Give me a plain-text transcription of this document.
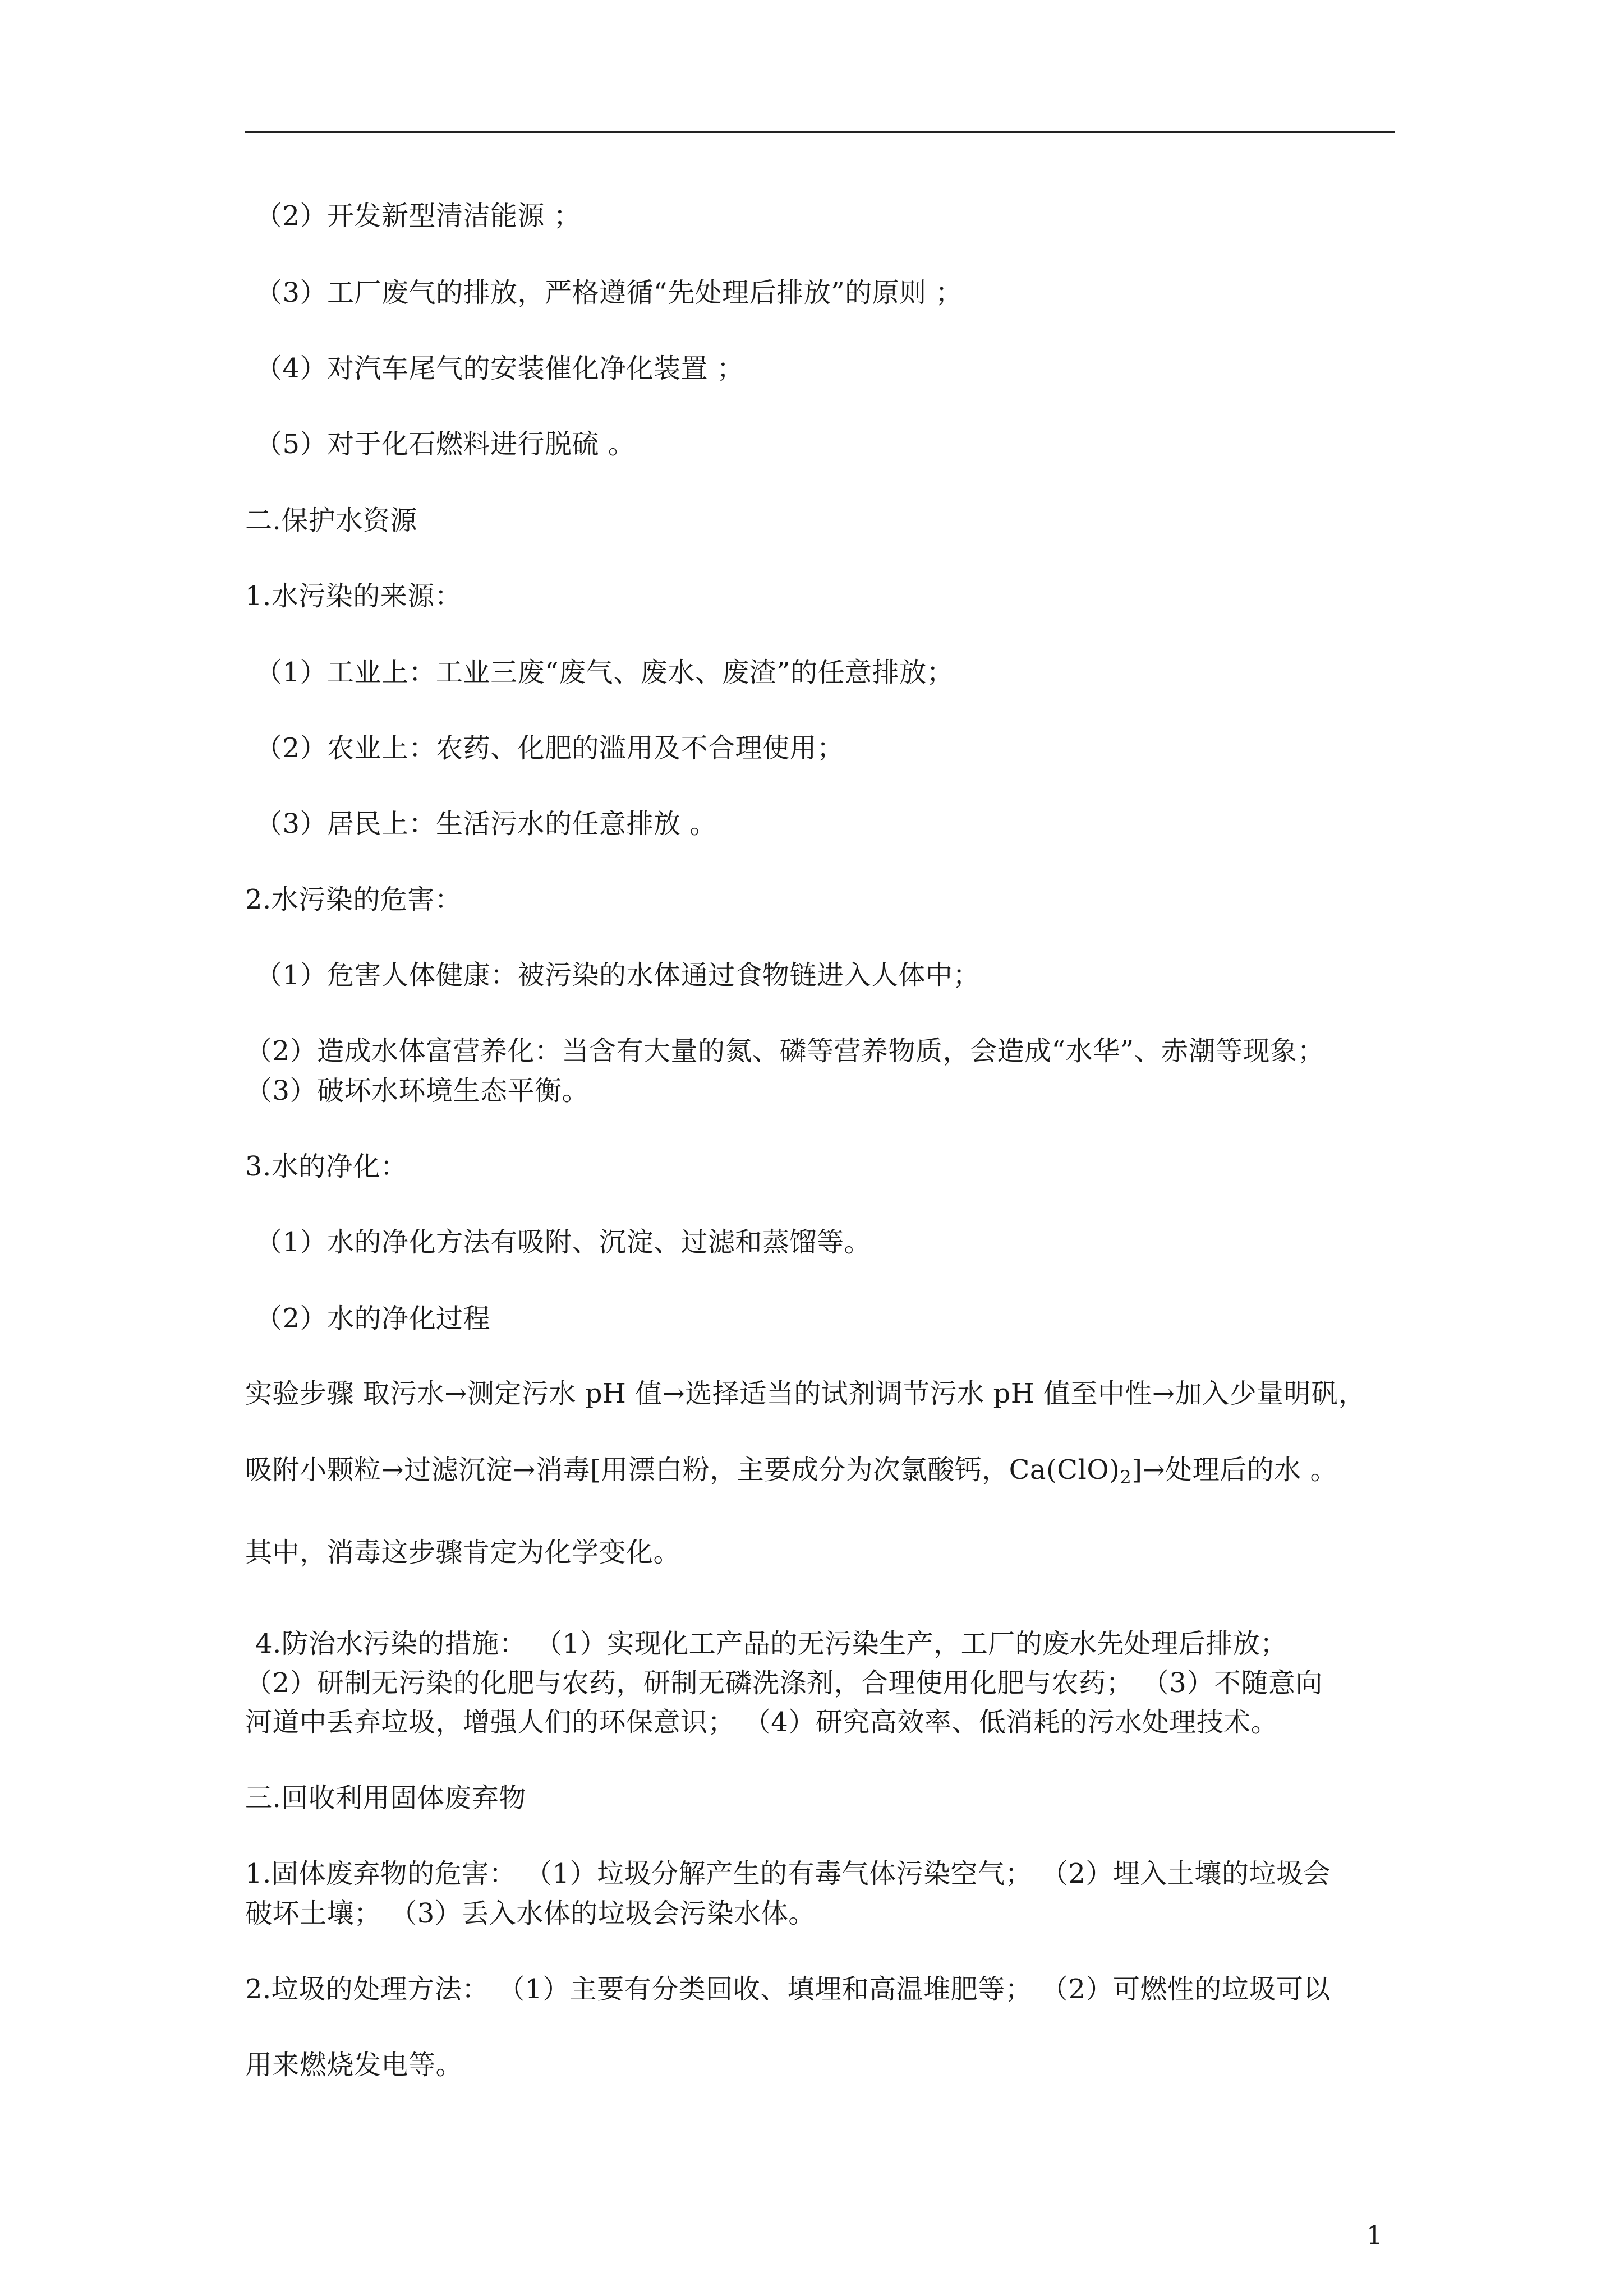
（2）开发新型清洁能源 ；
（3）工厂废气的排放，严格遵循“先处理后排放”的原则 ；
（4）对汽车尾气的安装催化净化装置 ；
（5）对于化石燃料进行脱硫 。
二.保护水资源
1.水污染的来源：
（1）工业上：工业三废“废气、废水、废渣”的任意排放；
（2）农业上：农药、化肥的滥用及不合理使用；
（3）居民上：生活污水的任意排放 。
2.水污染的危害：
（1）危害人体健康：被污染的水体通过食物链进入人体中；
（2）造成水体富营养化：当含有大量的氮、磷等营养物质，会造成“水华”、赤潮等现象；
（3）破坏水环境生态平衡。
3.水的净化：
（1）水的净化方法有吸附、沉淀、过滤和蒸馏等。
（2）水的净化过程
实验步骤 取污水→测定污水 pH 值→选择适当的试剂调节污水 pH 值至中性→加入少量明矾，
吸附小颗粒→过滤沉淀→消毒[用漂白粉，主要成分为次氯酸钙，$Ca(ClO)_2]\to$处理后的水 。
其中，消毒这步骤肯定为化学变化。
4.防治水污染的措施： （1）实现化工产品的无污染生产，工厂的废水先处理后排放；
（2）研制无污染的化肥与农药，研制无磷洗涤剂，合理使用化肥与农药； （3）不随意向
河道中丢弃垃圾，增强人们的环保意识； （4）研究高效率、低消耗的污水处理技术。
三.回收利用固体废弃物
1.固体废弃物的危害： （1）垃圾分解产生的有毒气体污染空气； （2）埋入土壤的垃圾会
破坏土壤； （3）丢入水体的垃圾会污染水体。
2.垃圾的处理方法： （1）主要有分类回收、填埋和高温堆肥等； （2）可燃性的垃圾可以
用来燃烧发电等。
1
